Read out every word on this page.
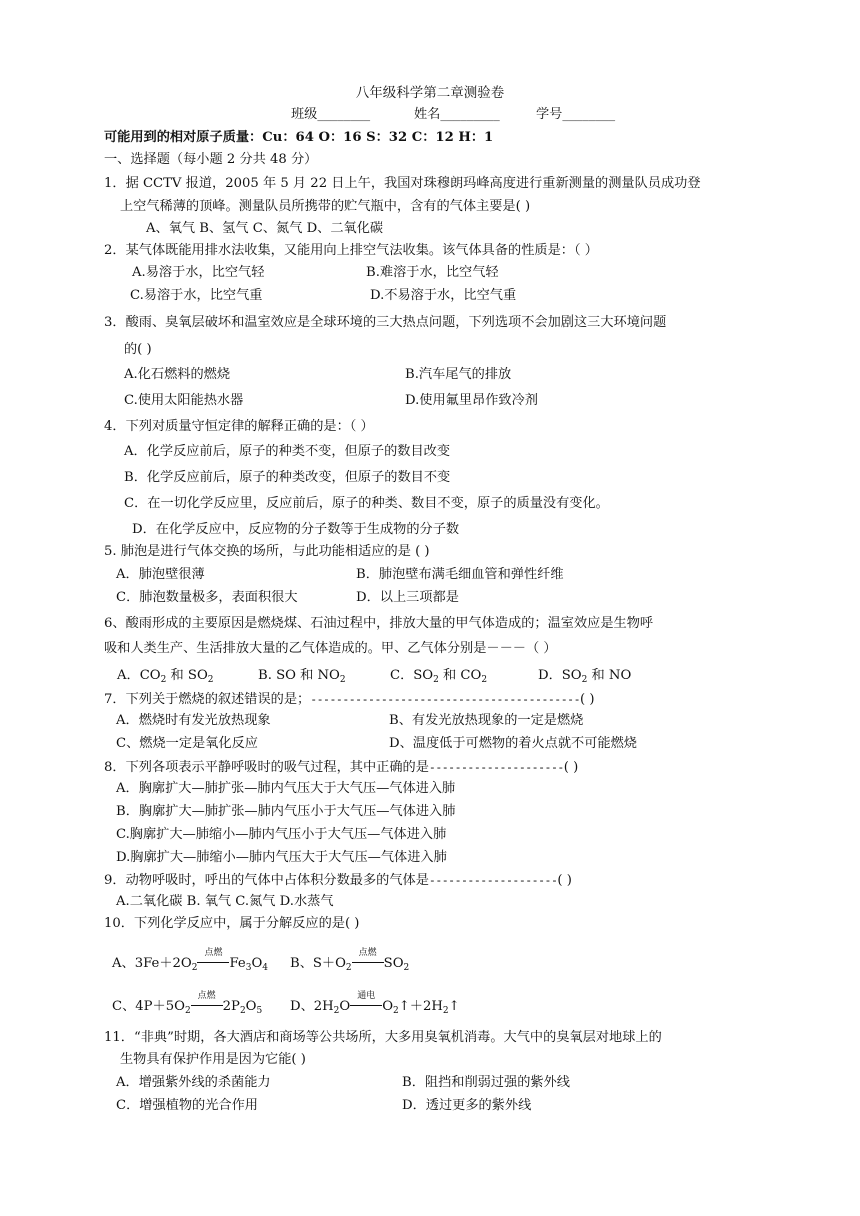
八年级科学第二章测验卷
班级________	姓名_________	学号________
可能用到的相对原子质量：Cu：64 O：16 S：32 C：12 H：1
一、选择题（每小题 2 分共 48 分）
1．据 CCTV 报道，2005 年 5 月 22 日上午，我国对珠穆朗玛峰高度进行重新测量的测量队员成功登
上空气稀薄的顶峰。测量队员所携带的贮气瓶中，含有的气体主要是( )
A、氧气 B、氢气 C、氮气 D、二氧化碳
2．某气体既能用排水法收集，又能用向上排空气法收集。该气体具备的性质是：（ ）
A.易溶于水，比空气轻	B.难溶于水，比空气轻
C.易溶于水，比空气重	D.不易溶于水，比空气重
3．酸雨、臭氧层破坏和温室效应是全球环境的三大热点问题，下列选项不会加剧这三大环境问题
的( )
A.化石燃料的燃烧	B.汽车尾气的排放
C.使用太阳能热水器	D.使用氟里昂作致冷剂
4．下列对质量守恒定律的解释正确的是：（ ）
A．化学反应前后，原子的种类不变，但原子的数目改变
B．化学反应前后，原子的种类改变，但原子的数目不变
C．在一切化学反应里，反应前后，原子的种类、数目不变，原子的质量没有变化。
D．在化学反应中，反应物的分子数等于生成物的分子数
5. 肺泡是进行气体交换的场所，与此功能相适应的是 ( )
A．肺泡壁很薄	B．肺泡壁布满毛细血管和弹性纤维
C．肺泡数量极多，表面积很大	D．以上三项都是
6、酸雨形成的主要原因是燃烧煤、石油过程中，排放大量的甲气体造成的；温室效应是生物呼
吸和人类生产、生活排放大量的乙气体造成的。甲、乙气体分别是－－－（ ）
A．$CO_2$ 和 $SO_2$	B. SO 和 $NO_2$	C．$SO_2$ 和 $CO_2$	D．$SO_2$ 和 NO
7．下列关于燃烧的叙述错误的是；------------------------------------------( )
A．燃烧时有发光放热现象	B、有发光放热现象的一定是燃烧
C、燃烧一定是氧化反应	D、温度低于可燃物的着火点就不可能燃烧
8．下列各项表示平静呼吸时的吸气过程，其中正确的是---------------------( )
A．胸廓扩大—肺扩张—肺内气压大于大气压—气体进入肺
B．胸廓扩大—肺扩张—肺内气压小于大气压—气体进入肺
C.胸廓扩大—肺缩小—肺内气压小于大气压—气体进入肺
D.胸廓扩大—肺缩小—肺内气压大于大气压—气体进入肺
9．动物呼吸时，呼出的气体中占体积分数最多的气体是--------------------( )
A.二氧化碳 B. 氧气 C.氮气 D.水蒸气
10．下列化学反应中，属于分解反应的是( )
A、$3Fe+2O_2$
点燃
$Fe_3O_4$ B、$S+O_2$
点燃
$SO_2$
C、$4P+5O_2$
点燃
$2P_2O_5$ D、$2H_2O$
通电
$O_2↑+2H_2↑$
11．“非典”时期，各大酒店和商场等公共场所，大多用臭氧机消毒。大气中的臭氧层对地球上的
生物具有保护作用是因为它能( )
A．增强紫外线的杀菌能力	B．阻挡和削弱过强的紫外线
C．增强植物的光合作用	D．透过更多的紫外线
